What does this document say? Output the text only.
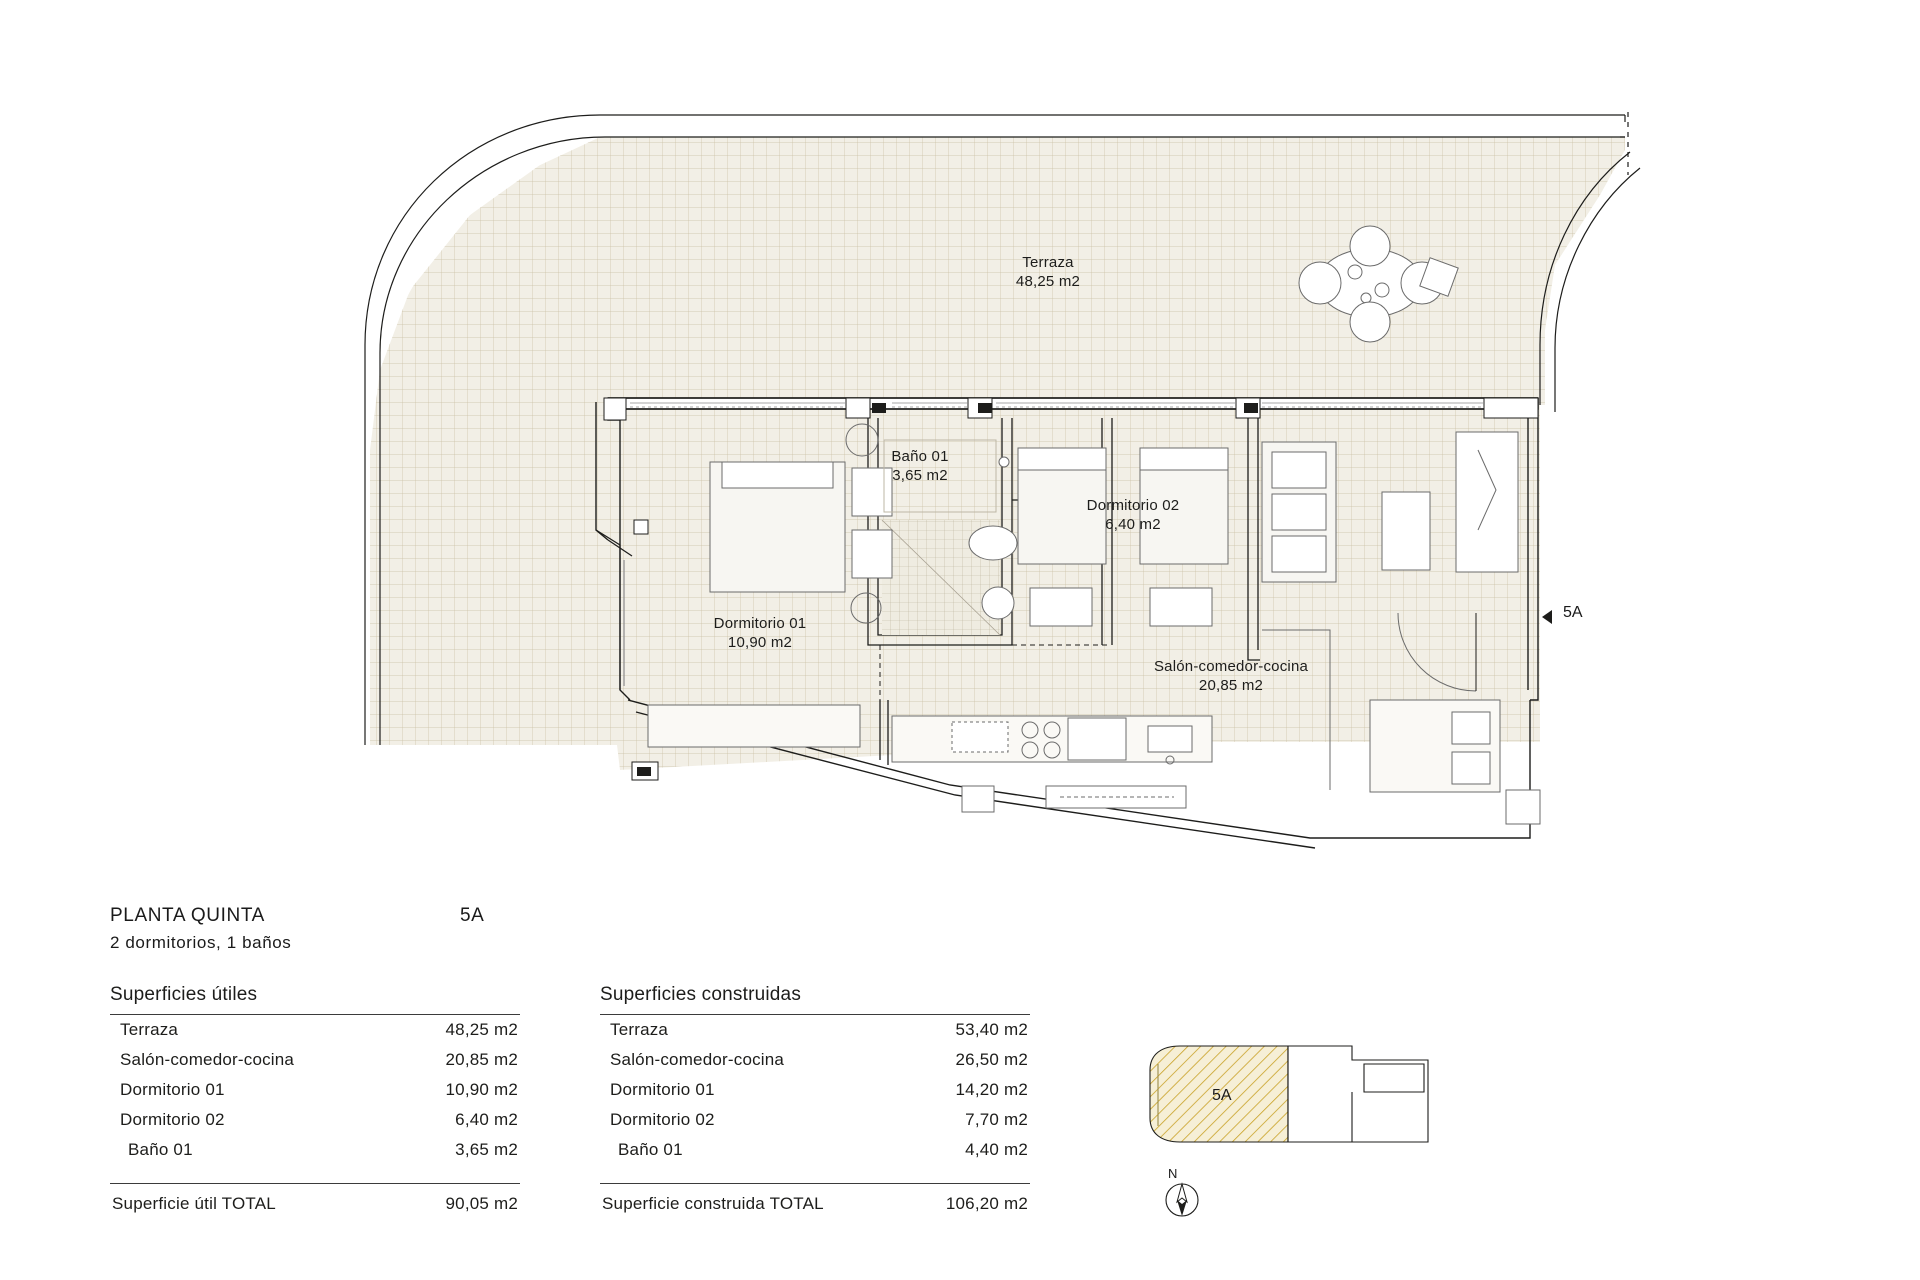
Terraza
48,25 m2
Baño 01
3,65 m2
Dormitorio 02
6,40 m2
Dormitorio 01
10,90 m2
Salón-comedor-cocina
20,85 m2
5A
PLANTA QUINTA
2 dormitorios, 1 baños
5A
Superficies útiles
Terraza	48,25 m2
Salón-comedor-cocina	20,85 m2
Dormitorio 01	10,90 m2
Dormitorio 02	6,40 m2
Baño 01	3,65 m2
Superficie útil TOTAL	90,05 m2
Superficies construidas
Terraza	53,40 m2
Salón-comedor-cocina	26,50 m2
Dormitorio 01	14,20 m2
Dormitorio 02	7,70 m2
Baño 01	4,40 m2
Superficie construida TOTAL	106,20 m2
5A
N
